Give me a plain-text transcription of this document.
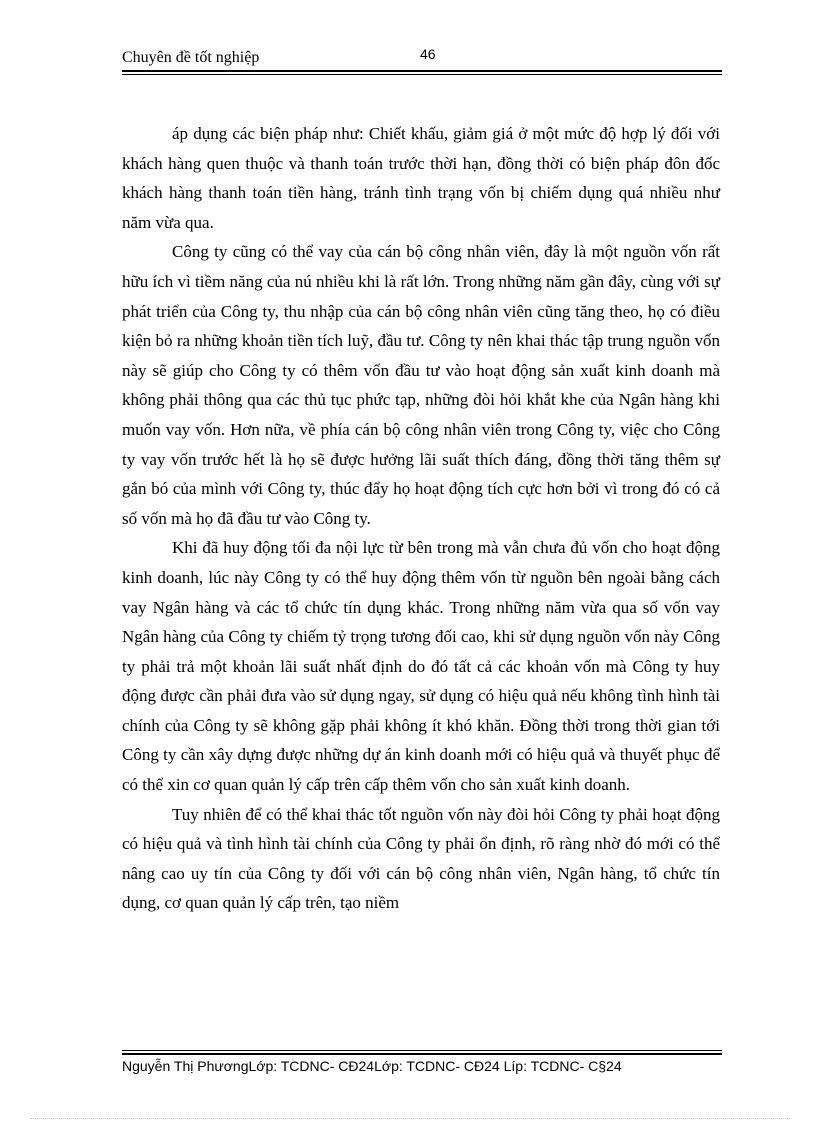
Chuyên đề tốt nghiệp	46

áp dụng các biện pháp như: Chiết khấu, giảm giá ở một mức độ hợp lý đối với khách hàng quen thuộc và thanh toán trước thời hạn, đồng thời có biện pháp đôn đốc khách hàng thanh toán tiền hàng, tránh tình trạng vốn bị chiếm dụng quá nhiều như năm vừa qua.

Công ty cũng có thể vay của cán bộ công nhân viên, đây là một nguồn vốn rất hữu ích vì tiềm năng của nú nhiều khi là rất lớn. Trong những năm gần đây, cùng với sự phát triển của Công ty, thu nhập của cán bộ công nhân viên cũng tăng theo, họ có điều kiện bỏ ra những khoản tiền tích luỹ, đầu tư. Công ty nên khai thác tập trung nguồn vốn này sẽ giúp cho Công ty có thêm vốn đầu tư vào hoạt động sản xuất kinh doanh mà không phải thông qua các thủ tục phức tạp, những đòi hỏi khắt khe của Ngân hàng khi muốn vay vốn. Hơn nữa, về phía cán bộ công nhân viên trong Công ty, việc cho Công ty vay vốn trước hết là họ sẽ được hưởng lãi suất thích đáng, đồng thời tăng thêm sự gắn bó của mình với Công ty, thúc đẩy họ hoạt động tích cực hơn bởi vì trong đó có cả số vốn mà họ đã đầu tư vào Công ty.

Khi đã huy động tối đa nội lực từ bên trong mà vẫn chưa đủ vốn cho hoạt động kinh doanh, lúc này Công ty có thể huy động thêm vốn từ nguồn bên ngoài bằng cách vay Ngân hàng và các tổ chức tín dụng khác. Trong những năm vừa qua số vốn vay Ngân hàng của Công ty chiếm tỷ trọng tương đối cao, khi sử dụng nguồn vốn này Công ty phải trả một khoản lãi suất nhất định do đó tất cả các khoản vốn mà Công ty huy động được cần phải đưa vào sử dụng ngay, sử dụng có hiệu quả nếu không tình hình tài chính của Công ty sẽ không gặp phải không ít khó khăn. Đồng thời trong thời gian tới Công ty cần xây dựng được những dự án kinh doanh mới có hiệu quả và thuyết phục để có thể xin cơ quan quản lý cấp trên cấp thêm vốn cho sản xuất kinh doanh.

Tuy nhiên để có thể khai thác tốt nguồn vốn này đòi hỏi Công ty phải hoạt động có hiệu quả và tình hình tài chính của Công ty phải ổn định, rõ ràng nhờ đó mới có thể nâng cao uy tín của Công ty đối với cán bộ công nhân viên, Ngân hàng, tổ chức tín dụng, cơ quan quản lý cấp trên, tạo niềm

Nguyễn Thị PhươngLớp: TCDNC- CĐ24Lớp: TCDNC- CĐ24 Líp: TCDNC- C§24
